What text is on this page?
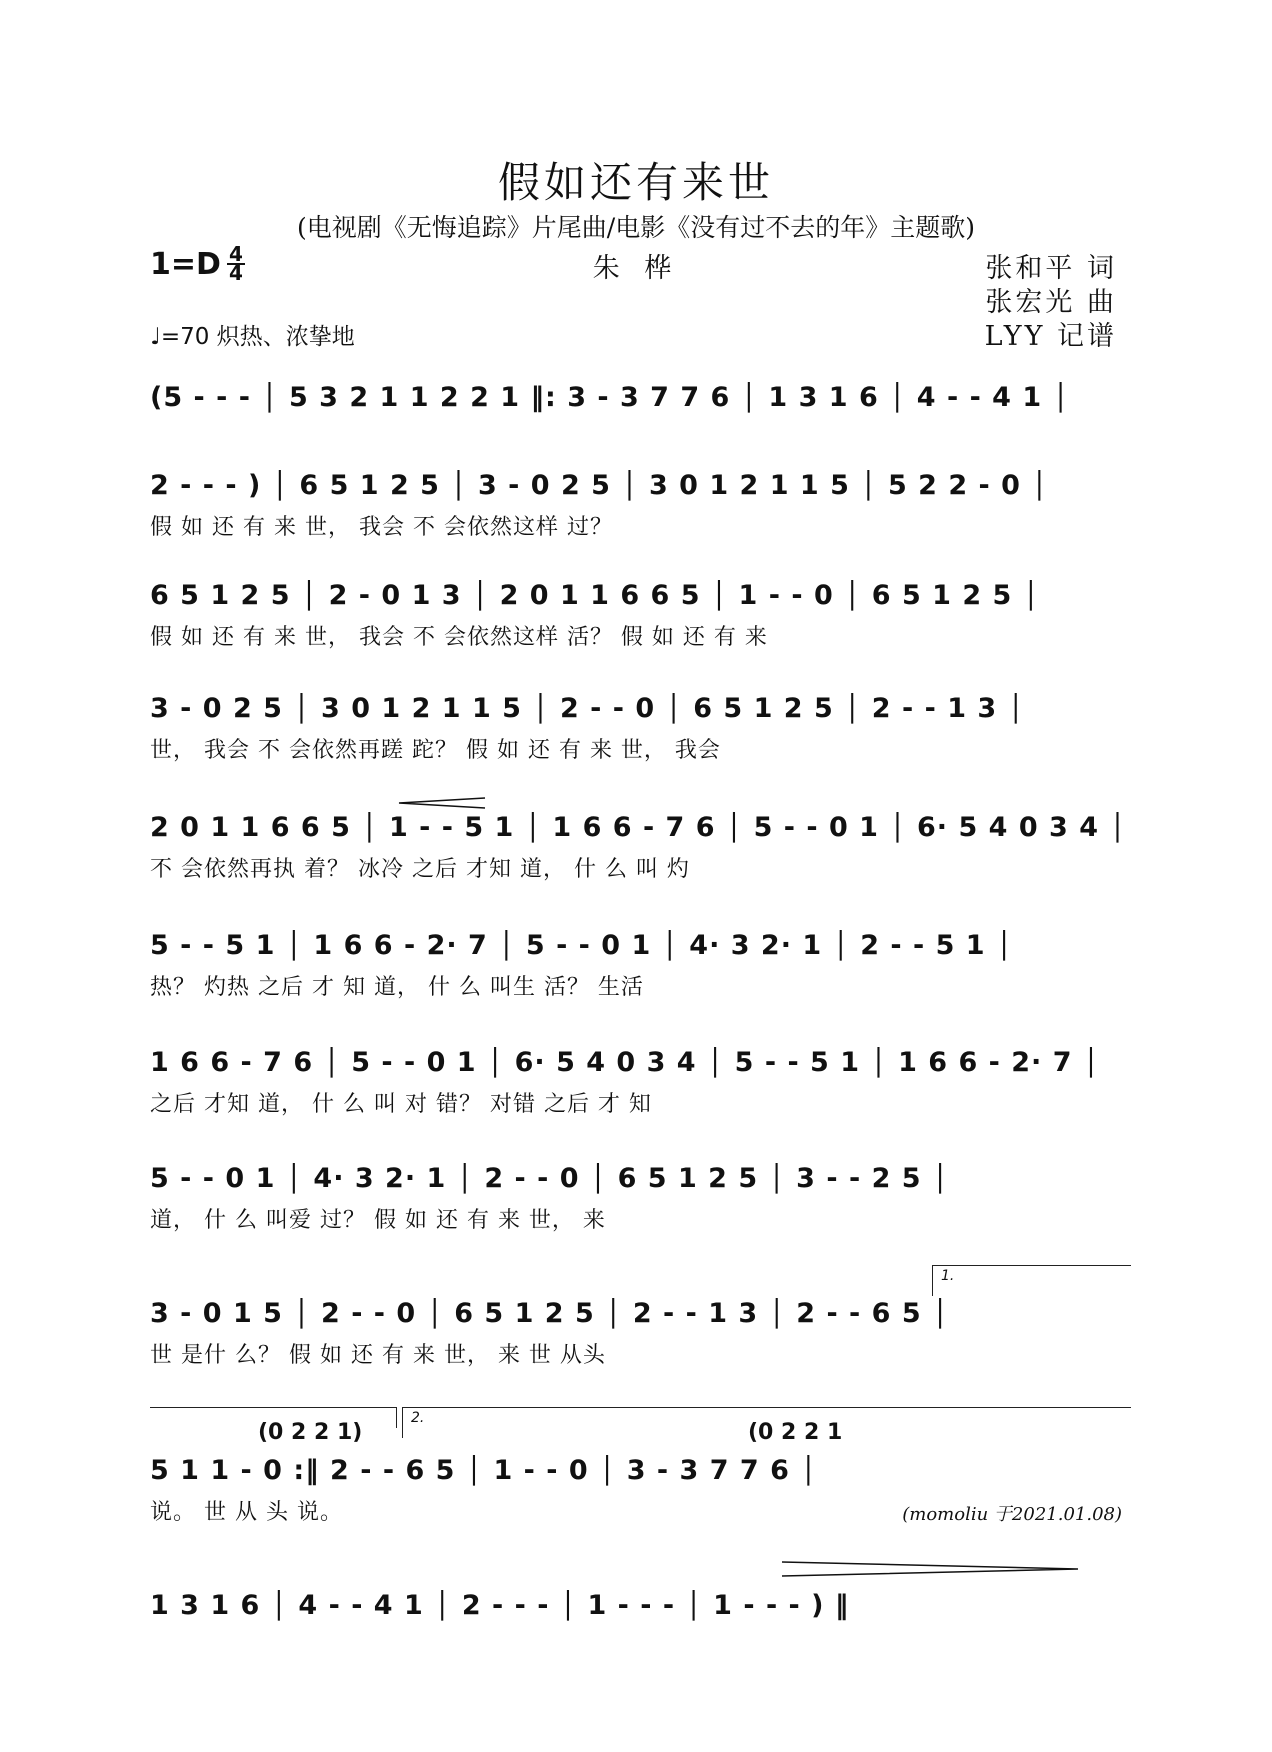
假如还有来世
(电视剧《无悔追踪》片尾曲/电影《没有过不去的年》主题歌)
1=D 4
4	朱 桦	张和平 词
张宏光 曲
LYY 记谱
♩=70 炽热、浓挚地
(5 - - - │ 5 3 2 1 1 2 2 1 ‖: 3 - 3 7 7 6 │ 1 3 1 6 │ 4 - - 4 1 │
2 - - - ) │ 6 5 1 2 5 │ 3 - 0 2 5 │ 3 0 1 2 1 1 5 │ 5 2 2 - 0 │
假 如 还 有 来 世， 我会 不 会依然这样 过？
6 5 1 2 5 │ 2 - 0 1 3 │ 2 0 1 1 6 6 5 │ 1 - - 0 │ 6 5 1 2 5 │
假 如 还 有 来 世， 我会 不 会依然这样 活？ 假 如 还 有 来
3 - 0 2 5 │ 3 0 1 2 1 1 5 │ 2 - - 0 │ 6 5 1 2 5 │ 2 - - 1 3 │
世， 我会 不 会依然再蹉 跎？ 假 如 还 有 来 世， 我会
2 0 1 1 6 6 5 │ 1 - - 5 1 │ 1 6 6 - 7 6 │ 5 - - 0 1 │ 6· 5 4 0 3 4 │
不 会依然再执 着？ 冰冷 之后 才知 道， 什 么 叫 灼
5 - - 5 1 │ 1 6 6 - 2· 7 │ 5 - - 0 1 │ 4· 3 2· 1 │ 2 - - 5 1 │
热？ 灼热 之后 才 知 道， 什 么 叫生 活？ 生活
1 6 6 - 7 6 │ 5 - - 0 1 │ 6· 5 4 0 3 4 │ 5 - - 5 1 │ 1 6 6 - 2· 7 │
之后 才知 道， 什 么 叫 对 错？ 对错 之后 才 知
5 - - 0 1 │ 4· 3 2· 1 │ 2 - - 0 │ 6 5 1 2 5 │ 3 - - 2 5 │
道， 什 么 叫爱 过？ 假 如 还 有 来 世， 来
1.
3 - 0 1 5 │ 2 - - 0 │ 6 5 1 2 5 │ 2 - - 1 3 │ 2 - - 6 5 │
世 是什 么？ 假 如 还 有 来 世， 来 世 从头
2.
(0 2 2 1)	(0 2 2 1
5 1 1 - 0 :‖ 2 - - 6 5 │ 1 - - 0 │ 3 - 3 7 7 6 │
说。 世 从 头 说。	(momoliu 于2021.01.08)
1 3 1 6 │ 4 - - 4 1 │ 2 - - - │ 1 - - - │ 1 - - - ) ‖
